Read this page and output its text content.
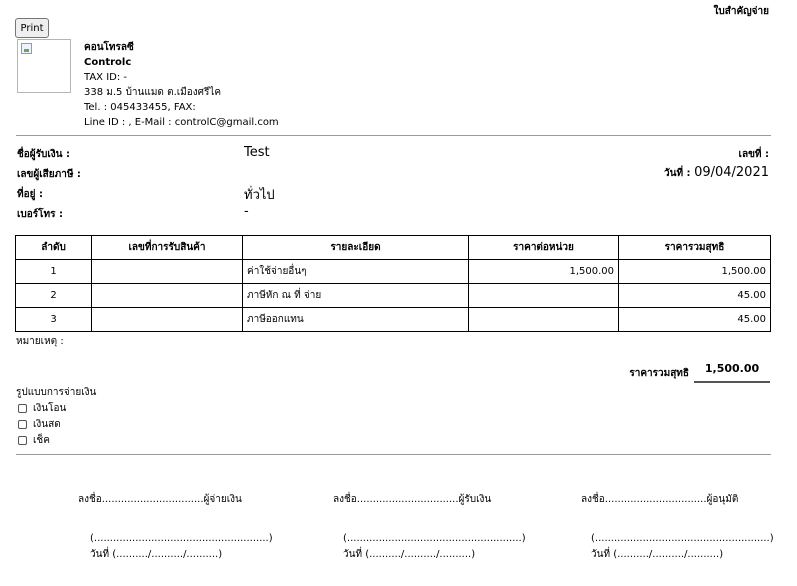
ใบสำคัญจ่าย
Print
คอนโทรลซี
Controlc
TAX ID: -
338 ม.5 บ้านแมด ต.เมืองศรีไค
Tel. : 045433455, FAX:
Line ID : , E-Mail : controlC@gmail.com
ชื่อผู้รับเงิน :	Test
เลขผู้เสียภาษี :
ที่อยู่ :	ทั่วไป
เบอร์โทร :	-
เลขที่ :
วันที่ : 09/04/2021
ลำดับ	เลขที่การรับสินค้า	รายละเอียด	ราคาต่อหน่วย	ราคารวมสุทธิ
1		ค่าใช้จ่ายอื่นๆ	1,500.00	1,500.00
2		ภาษีหัก ณ ที่ จ่าย		45.00
3		ภาษีออกแทน		45.00
หมายเหตุ :
ราคารวมสุทธิ	1,500.00
รูปแบบการจ่ายเงิน
เงินโอน
เงินสด
เช็ค
ลงชื่อ................................ผู้จ่ายเงิน
(.......................................................)
วันที่ (........../........../..........)
ลงชื่อ................................ผู้รับเงิน
(.......................................................)
วันที่ (........../........../..........)
ลงชื่อ................................ผู้อนุมัติ
(.......................................................)
วันที่ (........../........../..........)
